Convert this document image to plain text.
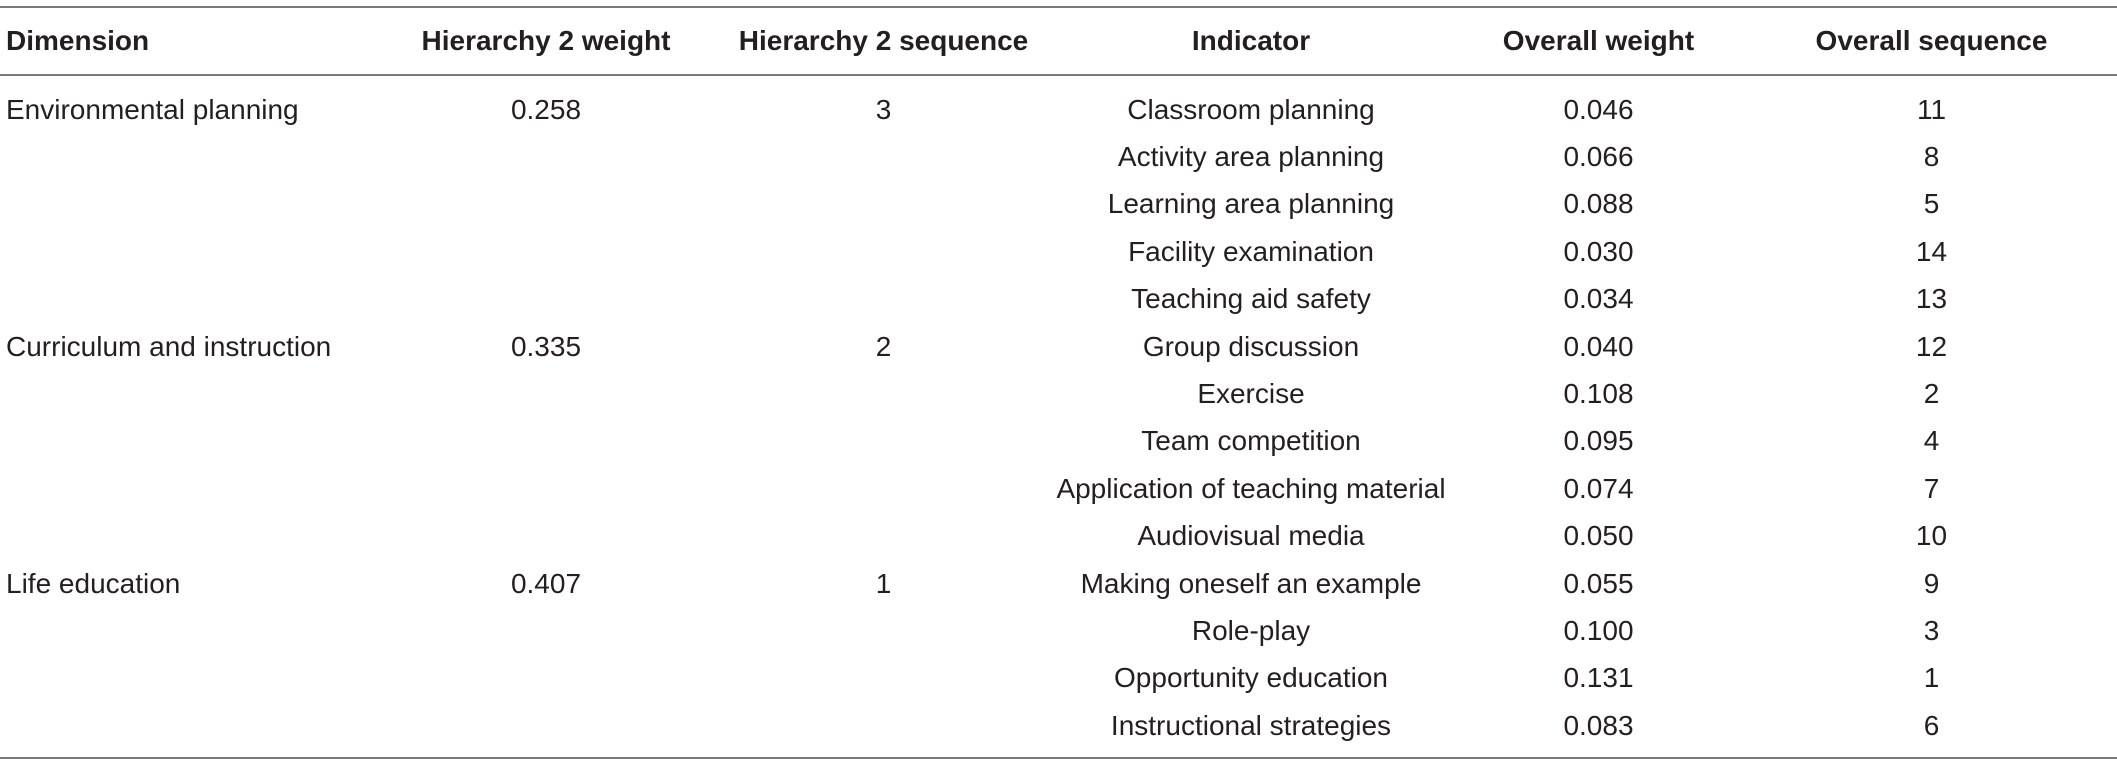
Dimension	Hierarchy 2 weight	Hierarchy 2 sequence	Indicator	Overall weight	Overall sequence
Environmental planning	0.258	3	Classroom planning	0.046	11
			Activity area planning	0.066	8
			Learning area planning	0.088	5
			Facility examination	0.030	14
			Teaching aid safety	0.034	13
Curriculum and instruction	0.335	2	Group discussion	0.040	12
			Exercise	0.108	2
			Team competition	0.095	4
			Application of teaching material	0.074	7
			Audiovisual media	0.050	10
Life education	0.407	1	Making oneself an example	0.055	9
			Role-play	0.100	3
			Opportunity education	0.131	1
			Instructional strategies	0.083	6
